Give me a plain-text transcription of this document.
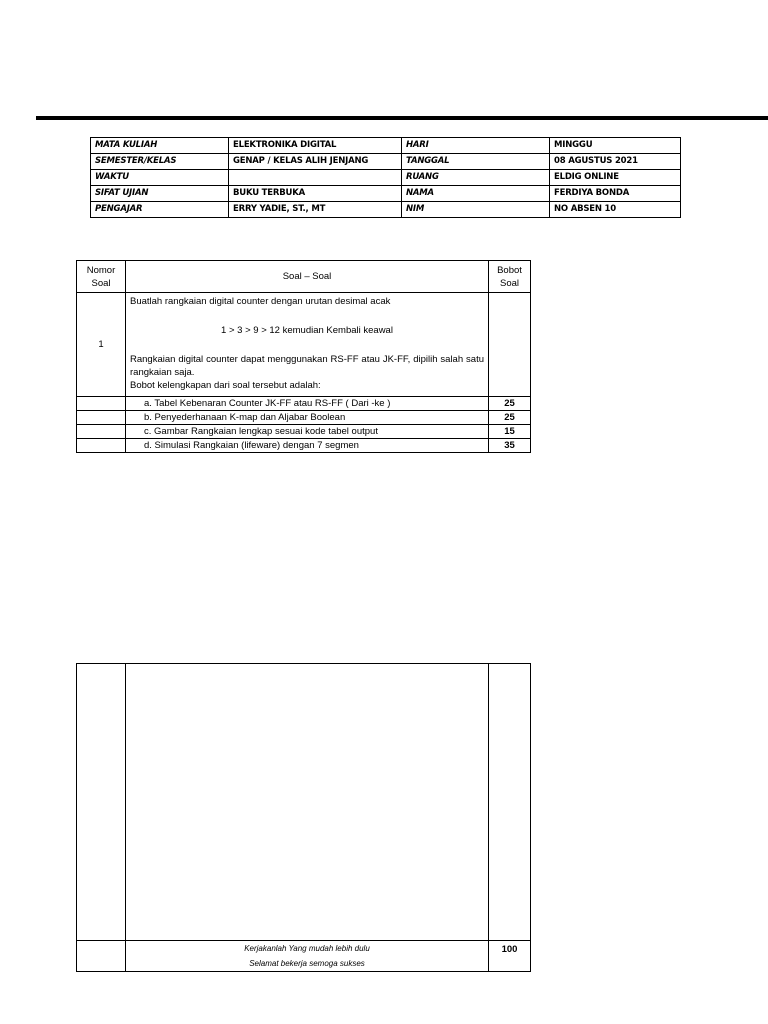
MATA KULIAH	ELEKTRONIKA DIGITAL	HARI	MINGGU
SEMESTER/KELAS	GENAP / KELAS ALIH JENJANG	TANGGAL	08 AGUSTUS 2021
WAKTU		RUANG	ELDIG ONLINE
SIFAT UJIAN	BUKU TERBUKA	NAMA	FERDIYA BONDA
PENGAJAR	ERRY YADIE, ST., MT	NIM	NO ABSEN 10
Nomor Soal	Soal – Soal	Bobot Soal
1	Buatlah rangkaian digital counter dengan urutan desimal acak

1 > 3 > 9 > 12 kemudian Kembali keawal

Rangkaian digital counter dapat menggunakan RS-FF atau JK-FF, dipilih salah satu rangkaian saja.

Bobot kelengkapan dari soal tersebut adalah:	

	a. Tabel Kebenaran Counter JK-FF atau RS-FF ( Dari -ke )	25
	b. Penyederhanaan K-map dan Aljabar Boolean	25
	c. Gambar Rangkaian lengkap sesuai kode tabel output	15
	d. Simulasi Rangkaian (lifeware) dengan 7 segmen	35

	Kerjakanlah Yang mudah lebih dulu
Selamat bekerja semoga sukses	100
